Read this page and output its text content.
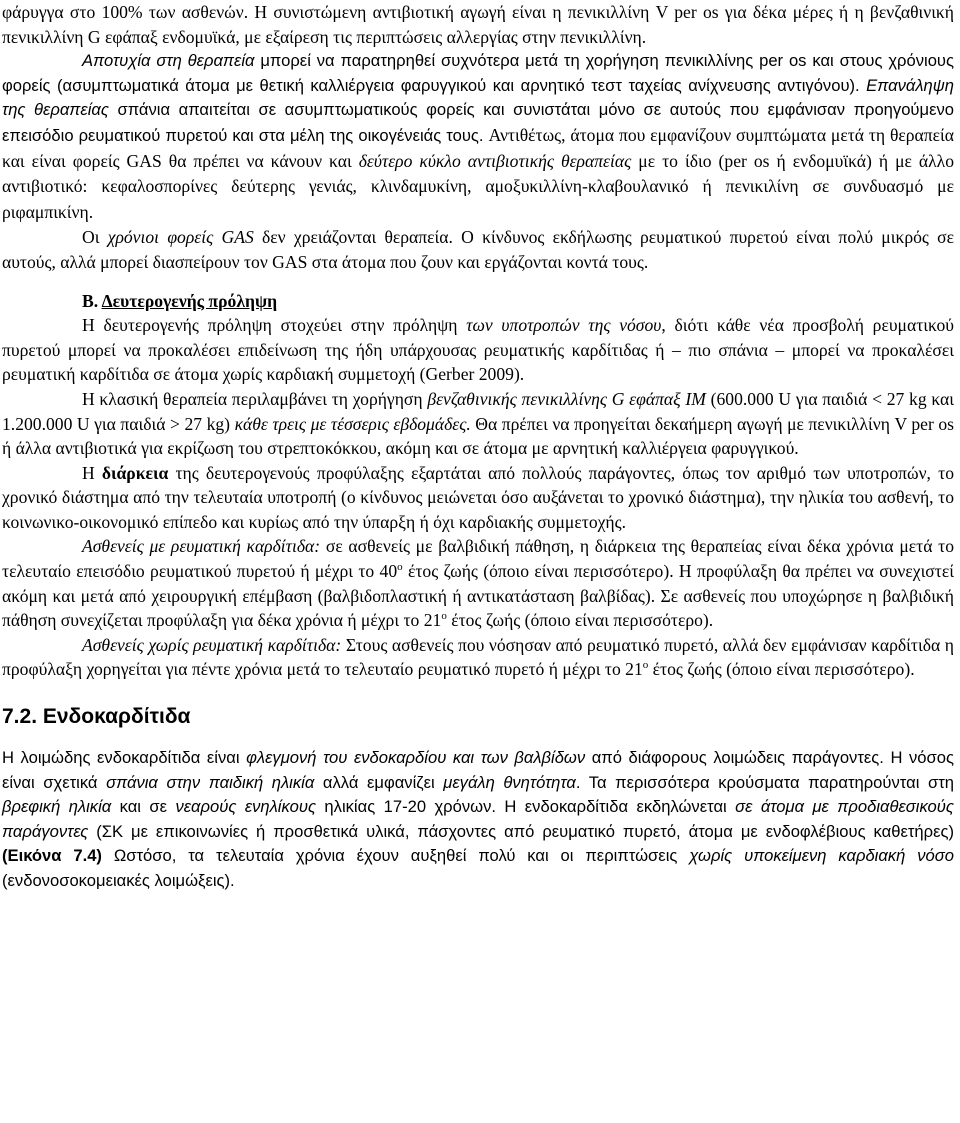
φάρυγγα στο 100% των ασθενών. Η συνιστώμενη αντιβιοτική αγωγή είναι η πενικιλλίνη V per os για δέκα μέρες ή η βενζαθινική πενικιλλίνη G εφάπαξ ενδομυϊκά, με εξαίρεση τις περιπτώσεις αλλεργίας στην πενικιλλίνη.

Αποτυχία στη θεραπεία μπορεί να παρατηρηθεί συχνότερα μετά τη χορήγηση πενικιλλίνης per os και στους χρόνιους φορείς (ασυμπτωματικά άτομα με θετική καλλιέργεια φαρυγγικού και αρνητικό τεστ ταχείας ανίχνευσης αντιγόνου). Επανάληψη της θεραπείας σπάνια απαιτείται σε ασυμπτωματικούς φορείς και συνιστάται μόνο σε αυτούς που εμφάνισαν προηγούμενο επεισόδιο ρευματικού πυρετού και στα μέλη της οικογένειάς τους. Αντιθέτως, άτομα που εμφανίζουν συμπτώματα μετά τη θεραπεία και είναι φορείς GAS θα πρέπει να κάνουν και δεύτερο κύκλο αντιβιοτικής θεραπείας με το ίδιο (per os ή ενδομυϊκά) ή με άλλο αντιβιοτικό: κεφαλοσπορίνες δεύτερης γενιάς, κλινδαμυκίνη, αμοξυκιλλίνη-κλαβουλανικό ή πενικιλίνη σε συνδυασμό με ριφαμπικίνη.

Οι χρόνιοι φορείς GAS δεν χρειάζονται θεραπεία. Ο κίνδυνος εκδήλωσης ρευματικού πυρετού είναι πολύ μικρός σε αυτούς, αλλά μπορεί διασπείρουν τον GAS στα άτομα που ζουν και εργάζονται κοντά τους.

Β. Δευτερογενής πρόληψη

Η δευτερογενής πρόληψη στοχεύει στην πρόληψη των υποτροπών της νόσου, διότι κάθε νέα προσβολή ρευματικού πυρετού μπορεί να προκαλέσει επιδείνωση της ήδη υπάρχουσας ρευματικής καρδίτιδας ή – πιο σπάνια – μπορεί να προκαλέσει ρευματική καρδίτιδα σε άτομα χωρίς καρδιακή συμμετοχή (Gerber 2009).

Η κλασική θεραπεία περιλαμβάνει τη χορήγηση βενζαθινικής πενικιλλίνης G εφάπαξ IM (600.000 U για παιδιά < 27 kg και 1.200.000 U για παιδιά > 27 kg) κάθε τρεις με τέσσερις εβδομάδες. Θα πρέπει να προηγείται δεκαήμερη αγωγή με πενικιλλίνη V per os ή άλλα αντιβιοτικά για εκρίζωση του στρεπτοκόκκου, ακόμη και σε άτομα με αρνητική καλλιέργεια φαρυγγικού.

Η διάρκεια της δευτερογενούς προφύλαξης εξαρτάται από πολλούς παράγοντες, όπως τον αριθμό των υποτροπών, το χρονικό διάστημα από την τελευταία υποτροπή (ο κίνδυνος μειώνεται όσο αυξάνεται το χρονικό διάστημα), την ηλικία του ασθενή, το κοινωνικο-οικονομικό επίπεδο και κυρίως από την ύπαρξη ή όχι καρδιακής συμμετοχής.

Ασθενείς με ρευματική καρδίτιδα: σε ασθενείς με βαλβιδική πάθηση, η διάρκεια της θεραπείας είναι δέκα χρόνια μετά το τελευταίο επεισόδιο ρευματικού πυρετού ή μέχρι το $40^o$ έτος ζωής (όποιο είναι περισσότερο). Η προφύλαξη θα πρέπει να συνεχιστεί ακόμη και μετά από χειρουργική επέμβαση (βαλβιδοπλαστική ή αντικατάσταση βαλβίδας). Σε ασθενείς που υποχώρησε η βαλβιδική πάθηση συνεχίζεται προφύλαξη για δέκα χρόνια ή μέχρι το $21^o$ έτος ζωής (όποιο είναι περισσότερο).

Ασθενείς χωρίς ρευματική καρδίτιδα: Στους ασθενείς που νόσησαν από ρευματικό πυρετό, αλλά δεν εμφάνισαν καρδίτιδα η προφύλαξη χορηγείται για πέντε χρόνια μετά το τελευταίο ρευματικό πυρετό ή μέχρι το $21^o$ έτος ζωής (όποιο είναι περισσότερο).

7.2. Ενδοκαρδίτιδα

Η λοιμώδης ενδοκαρδίτιδα είναι φλεγμονή του ενδοκαρδίου και των βαλβίδων από διάφορους λοιμώδεις παράγοντες. Η νόσος είναι σχετικά σπάνια στην παιδική ηλικία αλλά εμφανίζει μεγάλη θνητότητα. Τα περισσότερα κρούσματα παρατηρούνται στη βρεφική ηλικία και σε νεαρούς ενηλίκους ηλικίας 17-20 χρόνων. Η ενδοκαρδίτιδα εκδηλώνεται σε άτομα με προδιαθεσικούς παράγοντες (ΣΚ με επικοινωνίες ή προσθετικά υλικά, πάσχοντες από ρευματικό πυρετό, άτομα με ενδοφλέβιους καθετήρες) (Εικόνα 7.4) Ωστόσο, τα τελευταία χρόνια έχουν αυξηθεί πολύ και οι περιπτώσεις χωρίς υποκείμενη καρδιακή νόσο (ενδονοσοκομειακές λοιμώξεις).
